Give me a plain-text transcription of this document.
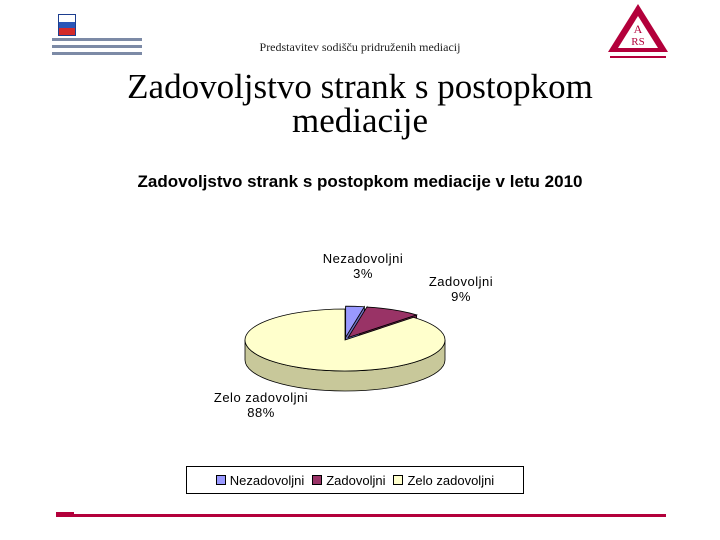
Predstavitev sodišču pridruženih mediacij
A
RS
Zadovoljstvo strank s postopkom mediacije
Zadovoljstvo strank s postopkom mediacije v letu 2010
Nezadovoljni
3%
Zadovoljni
9%
Zelo zadovoljni
88%
Nezadovoljni Zadovoljni Zelo zadovoljni
